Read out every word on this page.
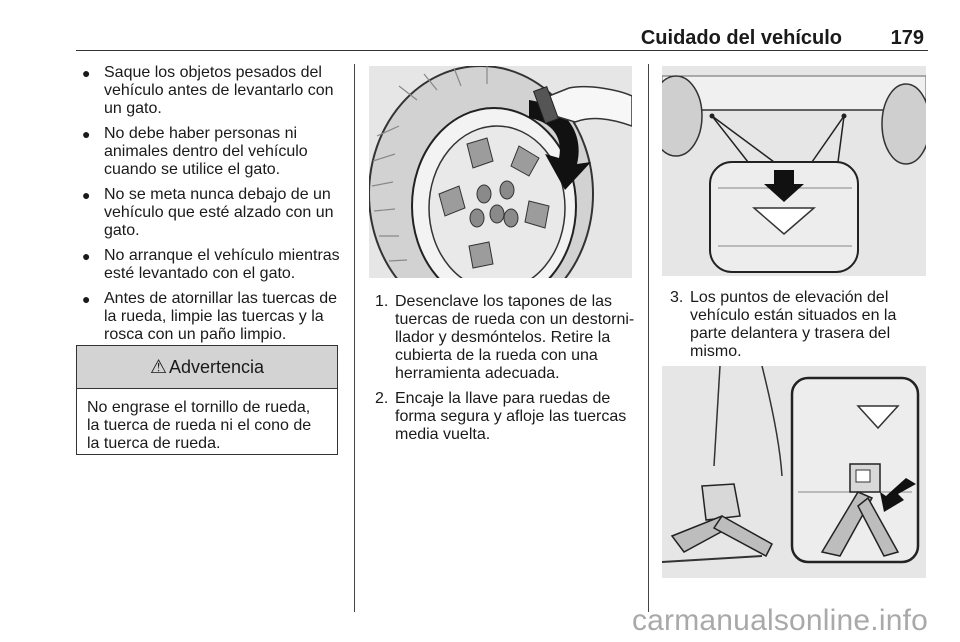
Cuidado del vehículo 179
● Saque los objetos pesados del vehículo antes de levantarlo con un gato.
● No debe haber personas ni animales dentro del vehículo cuando se utilice el gato.
● No se meta nunca debajo de un vehículo que esté alzado con un gato.
● No arranque el vehículo mientras esté levantado con el gato.
● Antes de atornillar las tuercas de la rueda, limpie las tuercas y la rosca con un paño limpio.
⚠ Advertencia
No engrase el tornillo de rueda, la tuerca de rueda ni el cono de la tuerca de rueda.
1. Desenclave los tapones de las tuercas de rueda con un destorni-llador y desmóntelos. Retire la cubierta de la rueda con una herramienta adecuada.
2. Encaje la llave para ruedas de forma segura y afloje las tuercas media vuelta.
3. Los puntos de elevación del vehículo están situados en la parte delantera y trasera del mismo.
carmanualsonline.info
